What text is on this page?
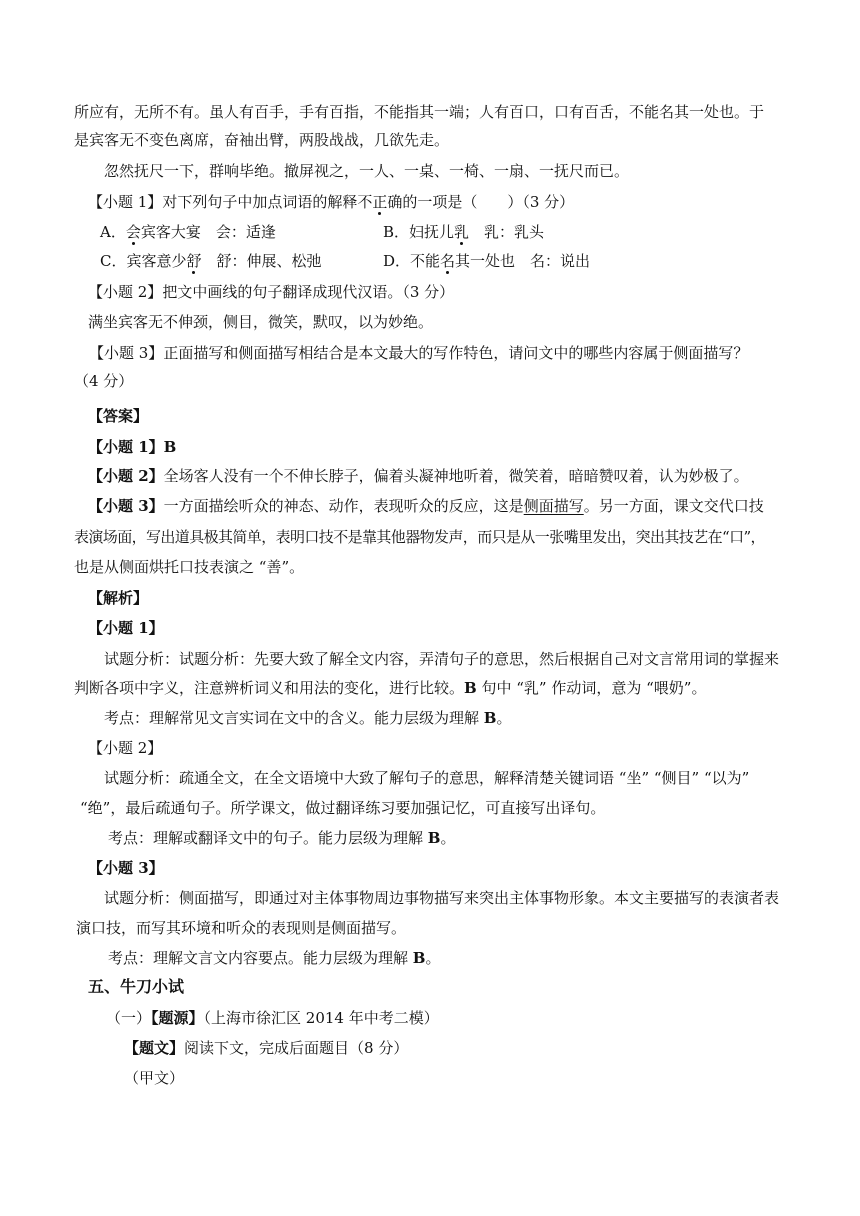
所应有，无所不有。虽人有百手，手有百指，不能指其一端；人有百口，口有百舌，不能名其一处也。于
是宾客无不变色离席，奋袖出臂，两股战战，几欲先走。
忽然抚尺一下，群响毕绝。撤屏视之，一人、一桌、一椅、一扇、一抚尺而已。
【小题 1】对下列句子中加点词语的解释不正确的一项是（　　）（3 分）
A．会宾客大宴　会：适逢	B．妇抚儿乳　乳：乳头
C．宾客意少舒　舒：伸展、松弛	D．不能名其一处也　名：说出
【小题 2】把文中画线的句子翻译成现代汉语。（3 分）
满坐宾客无不伸颈，侧目，微笑，默叹，以为妙绝。
【小题 3】正面描写和侧面描写相结合是本文最大的写作特色，请问文中的哪些内容属于侧面描写？
（4 分）
【答案】
【小题 1】B
【小题 2】全场客人没有一个不伸长脖子，偏着头凝神地听着，微笑着，暗暗赞叹着，认为妙极了。
【小题 3】一方面描绘听众的神态、动作，表现听众的反应，这是侧面描写。另一方面，课文交代口技
表演场面，写出道具极其简单，表明口技不是靠其他器物发声，而只是从一张嘴里发出，突出其技艺在“口”，
也是从侧面烘托口技表演之 “善”。
【解析】
【小题 1】
试题分析：试题分析：先要大致了解全文内容，弄清句子的意思，然后根据自己对文言常用词的掌握来
判断各项中字义，注意辨析词义和用法的变化，进行比较。B 句中 “乳” 作动词，意为 “喂奶”。
考点：理解常见文言实词在文中的含义。能力层级为理解 B。
【小题 2】
试题分析：疏通全文，在全文语境中大致了解句子的意思，解释清楚关键词语 “坐” “侧目” “以为”
“绝”，最后疏通句子。所学课文，做过翻译练习要加强记忆，可直接写出译句。
考点：理解或翻译文中的句子。能力层级为理解 B。
【小题 3】
试题分析：侧面描写，即通过对主体事物周边事物描写来突出主体事物形象。本文主要描写的表演者表
演口技，而写其环境和听众的表现则是侧面描写。
考点：理解文言文内容要点。能力层级为理解 B。
五、牛刀小试
（一）【题源】（上海市徐汇区 2014 年中考二模）
【题文】阅读下文，完成后面题目（8 分）
（甲文）
